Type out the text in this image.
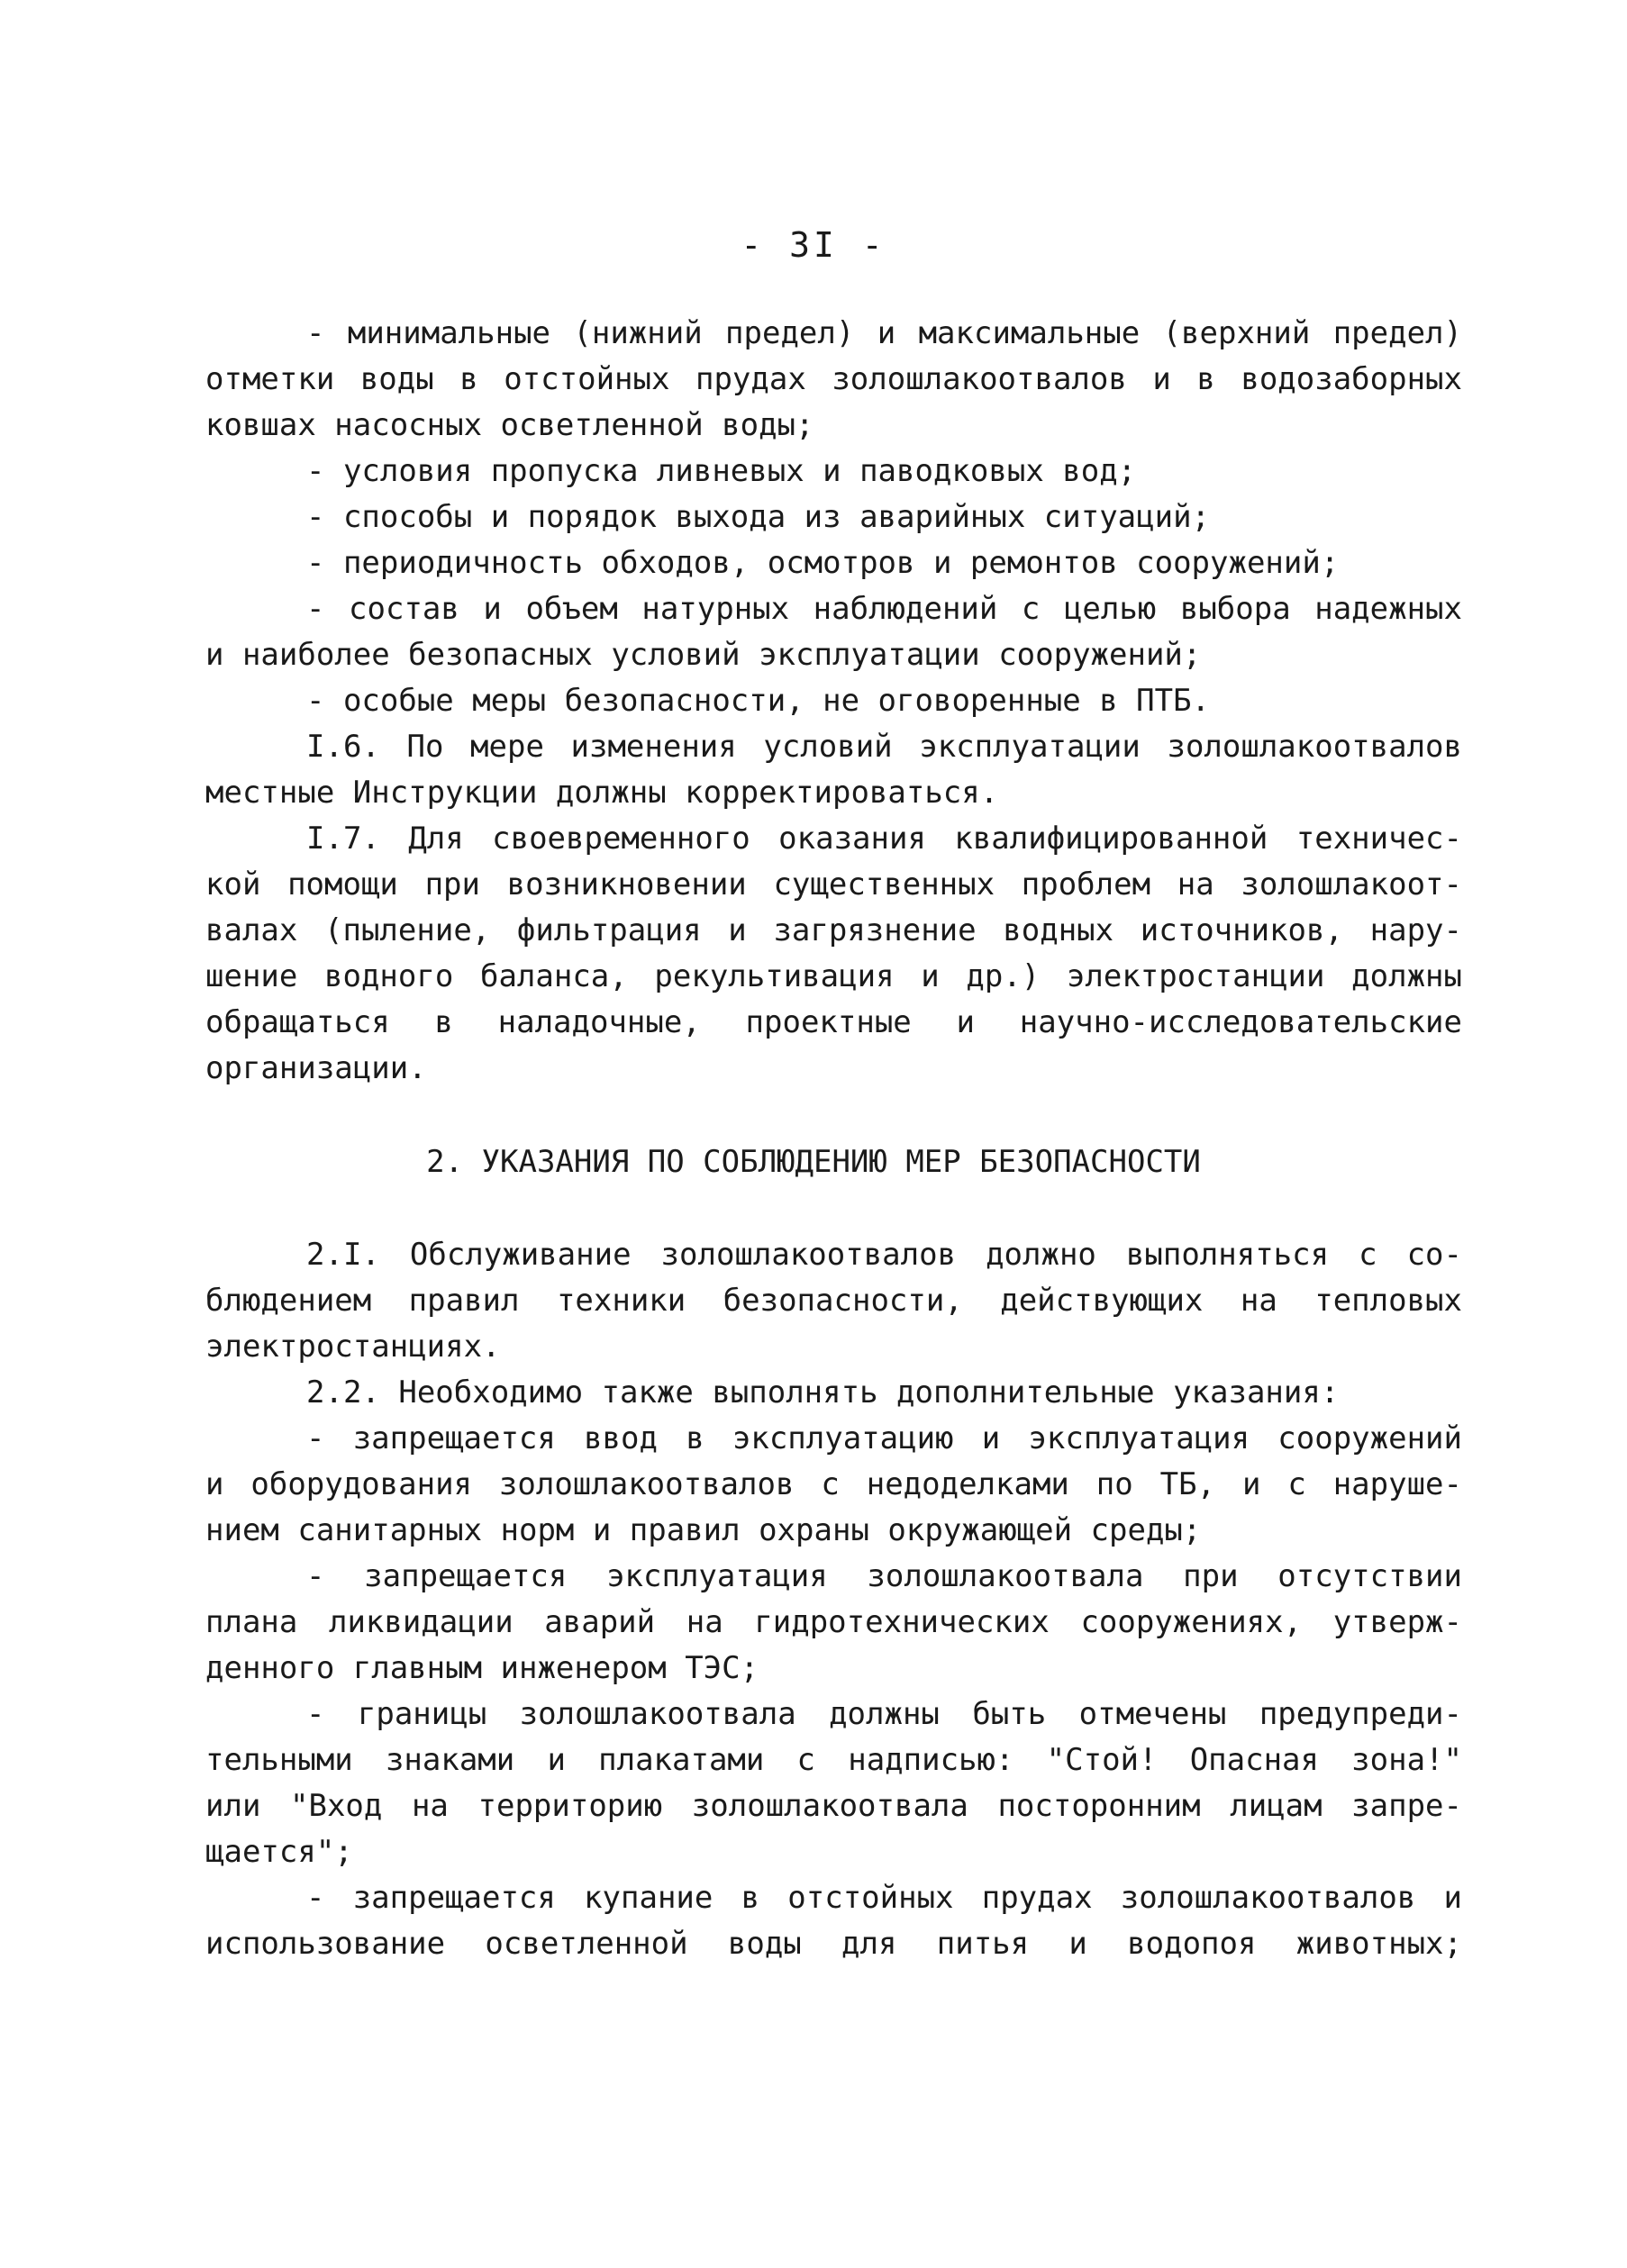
- 3I -
- минимальные (нижний предел) и максимальные (верхний предел)
отметки воды в отстойных прудах золошлакоотвалов и в водозаборных
ковшах насосных осветленной воды;
- условия пропуска ливневых и паводковых вод;
- способы и порядок выхода из аварийных ситуаций;
- периодичность обходов, осмотров и ремонтов сооружений;
- состав и объем натурных наблюдений с целью выбора надежных
и наиболее безопасных условий эксплуатации сооружений;
- особые меры безопасности, не оговоренные в ПТБ.
I.6. По мере изменения условий эксплуатации золошлакоотвалов
местные Инструкции должны корректироваться.
I.7. Для своевременного оказания квалифицированной техничес-
кой помощи при возникновении существенных проблем на золошлакоот-
валах (пыление, фильтрация и загрязнение водных источников, нару-
шение водного баланса, рекультивация и др.) электростанции должны
обращаться в наладочные, проектные и научно-исследовательские
организации.
2. УКАЗАНИЯ ПО СОБЛЮДЕНИЮ МЕР БЕЗОПАСНОСТИ
2.I. Обслуживание золошлакоотвалов должно выполняться с со-
блюдением правил техники безопасности, действующих на тепловых
электростанциях.
2.2. Необходимо также выполнять дополнительные указания:
- запрещается ввод в эксплуатацию и эксплуатация сооружений
и оборудования золошлакоотвалов с недоделками по ТБ, и с наруше-
нием санитарных норм и правил охраны окружающей среды;
- запрещается эксплуатация золошлакоотвала при отсутствии
плана ликвидации аварий на гидротехнических сооружениях, утверж-
денного главным инженером ТЭС;
- границы золошлакоотвала должны быть отмечены предупреди-
тельными знаками и плакатами с надписью: "Стой! Опасная зона!"
или "Вход на территорию золошлакоотвала посторонним лицам запре-
щается";
- запрещается купание в отстойных прудах золошлакоотвалов и
использование осветленной воды для питья и водопоя животных;
